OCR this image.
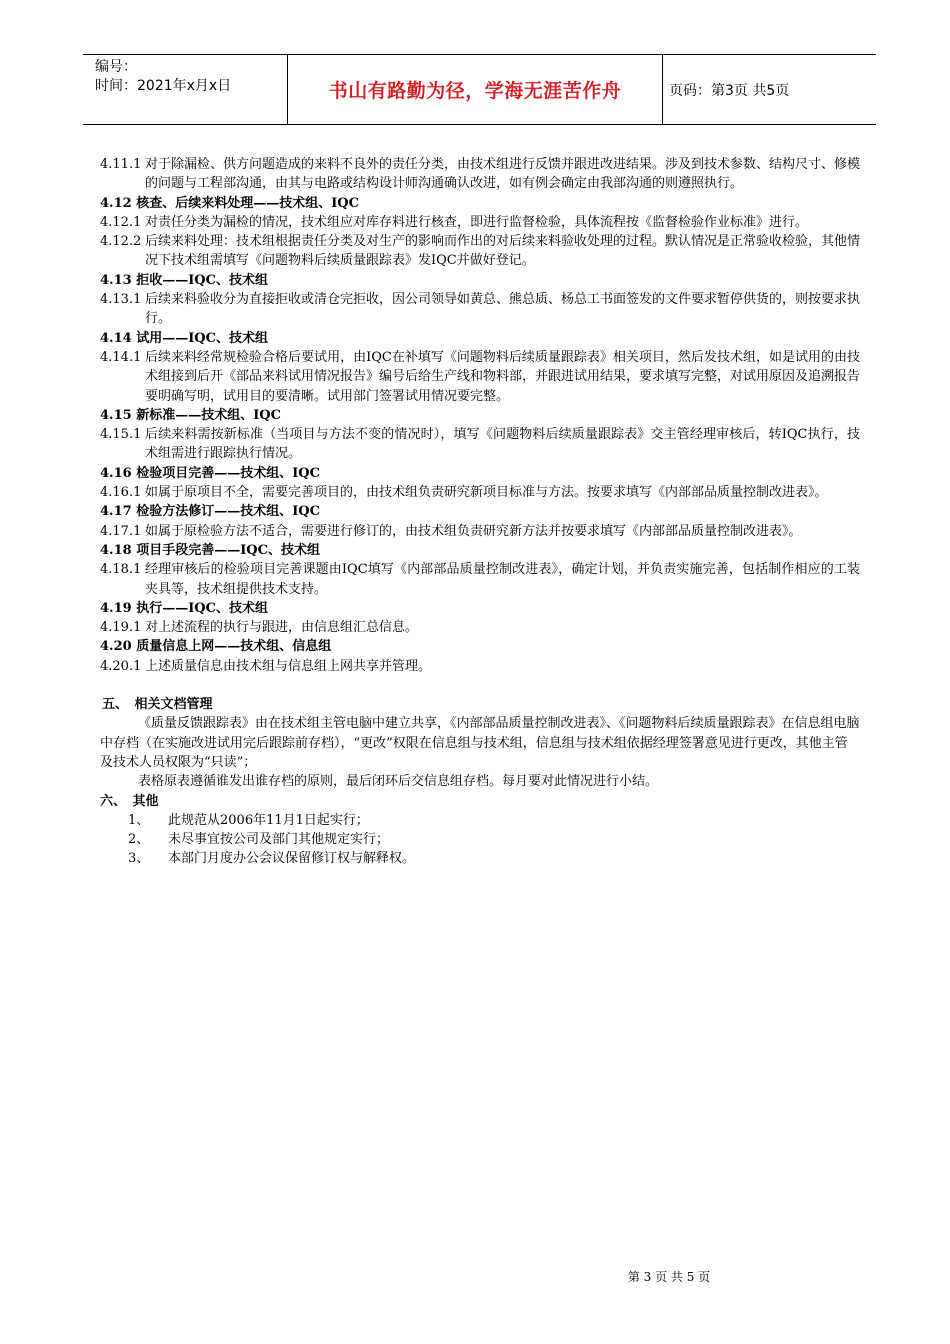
编号：
时间：2021年x月x日	书山有路勤为径，学海无涯苦作舟	页码：第3页 共5页
4.11.1 对于除漏检、供方问题造成的来料不良外的责任分类，由技术组进行反馈并跟进改进结果。涉及到技术参数、结构尺寸、修模的问题与工程部沟通，由其与电路或结构设计师沟通确认改进，如有例会确定由我部沟通的则遵照执行。

4.12 核查、后续来料处理——技术组、IQC

4.12.1 对责任分类为漏检的情况，技术组应对库存料进行核查，即进行监督检验，具体流程按《监督检验作业标准》进行。
4.12.2 后续来料处理：技术组根据责任分类及对生产的影响而作出的对后续来料验收处理的过程。默认情况是正常验收检验，其他情况下技术组需填写《问题物料后续质量跟踪表》发IQC并做好登记。

4.13 拒收——IQC、技术组

4.13.1 后续来料验收分为直接拒收或清仓完拒收，因公司领导如黄总、熊总质、杨总工书面签发的文件要求暂停供货的，则按要求执行。

4.14 试用——IQC、技术组

4.14.1 后续来料经常规检验合格后要试用，由IQC在补填写《问题物料后续质量跟踪表》相关项目，然后发技术组，如是试用的由技术组接到后开《部品来料试用情况报告》编号后给生产线和物料部，并跟进试用结果，要求填写完整，对试用原因及追溯报告要明确写明，试用目的要清晰。试用部门签署试用情况要完整。

4.15 新标准——技术组、IQC

4.15.1 后续来料需按新标准（当项目与方法不变的情况时），填写《问题物料后续质量跟踪表》交主管经理审核后，转IQC执行，技术组需进行跟踪执行情况。

4.16 检验项目完善——技术组、IQC

4.16.1 如属于原项目不全，需要完善项目的，由技术组负责研究新项目标准与方法。按要求填写《内部部品质量控制改进表》。

4.17 检验方法修订——技术组、IQC

4.17.1 如属于原检验方法不适合，需要进行修订的，由技术组负责研究新方法并按要求填写《内部部品质量控制改进表》。

4.18 项目手段完善——IQC、技术组

4.18.1 经理审核后的检验项目完善课题由IQC填写《内部部品质量控制改进表》，确定计划，并负责实施完善，包括制作相应的工装夹具等，技术组提供技术支持。

4.19 执行——IQC、技术组

4.19.1 对上述流程的执行与跟进，由信息组汇总信息。

4.20 质量信息上网——技术组、信息组

4.20.1 上述质量信息由技术组与信息组上网共享并管理。

五、　相关文档管理

《质量反馈跟踪表》由在技术组主管电脑中建立共享，《内部部品质量控制改进表》、《问题物料后续质量跟踪表》在信息组电脑中存档（在实施改进试用完后跟踪前存档），“更改”权限在信息组与技术组，信息组与技术组依据经理签署意见进行更改，其他主管及技术人员权限为“只读”；

表格原表遵循谁发出谁存档的原则，最后闭环后交信息组存档。每月要对此情况进行小结。

六、　其他

1、 此规范从2006年11月1日起实行；

2、 未尽事宜按公司及部门其他规定实行；

3、 本部门月度办公会议保留修订权与解释权。

第 3 页 共 5 页
